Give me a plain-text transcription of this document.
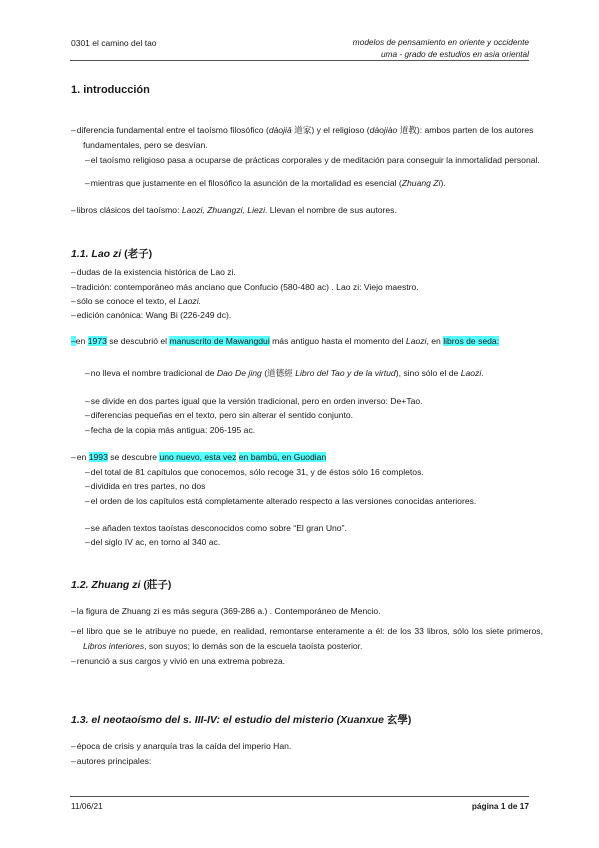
0301 el camino del tao	modelos de pensamiento en oriente y occidente
uma - grado de estudios en asia oriental
1. introducción
– diferencia fundamental entre el taoísmo filosófico (dàojiā 道家) y el religioso (dàojiào 道教): ambos parten de los autores fundamentales, pero se desvían.
– el taoísmo religioso pasa a ocuparse de prácticas corporales y de meditación para conseguir la inmortalidad personal.
– mientras que justamente en el filosófico la asunción de la mortalidad es esencial (Zhuang Zi).
– libros clásicos del taoísmo: Laozi, Zhuangzi, Liezi. Llevan el nombre de sus autores.
1.1. Lao zi (老子)
– dudas de la existencia histórica de Lao zi.
– tradición: contemporáneo más anciano que Confucio (580-480 ac) . Lao zi: Viejo maestro.
– sólo se conoce el texto, el Laozi.
– edición canónica: Wang Bi (226-249 dc).
–en 1973 se descubrió el manuscrito de Mawangdui más antiguo hasta el momento del Laozi, en libros de seda:
– no lleva el nombre tradicional de Dao De jing (道德經 Libro del Tao y de la virtud), sino sólo el de Laozi.
– se divide en dos partes igual que la versión tradicional, pero en orden inverso: De+Tao.
– diferencias pequeñas en el texto, pero sin alterar el sentido conjunto.
– fecha de la copia más antigua: 206-195 ac.
– en 1993 se descubre uno nuevo, esta vez en bambú, en Guodian
– del total de 81 capítulos que conocemos, sólo recoge 31, y de éstos sólo 16 completos.
– dividida en tres partes, no dos
– el orden de los capítulos está completamente alterado respecto a las versiones conocidas anteriores.
– se añaden textos taoístas desconocidos como sobre “El gran Uno”.
– del siglo IV ac, en torno al 340 ac.
1.2. Zhuang zi (莊子)
– la figura de Zhuang zi es más segura (369-286 a.) . Contemporáneo de Mencio.
– el libro que se le atribuye no puede, en realidad, remontarse enteramente a él: de los 33 libros, sólo los siete primeros, Libros interiores, son suyos; lo demás son de la escuela taoísta posterior.
– renunció a sus cargos y vivió en una extrema pobreza.
1.3. el neotaoísmo del s. III-IV: el estudio del misterio (Xuanxue 玄學)
– época de crisis y anarquía tras la caída del imperio Han.
– autores principales:
11/06/21	página 1 de 17
